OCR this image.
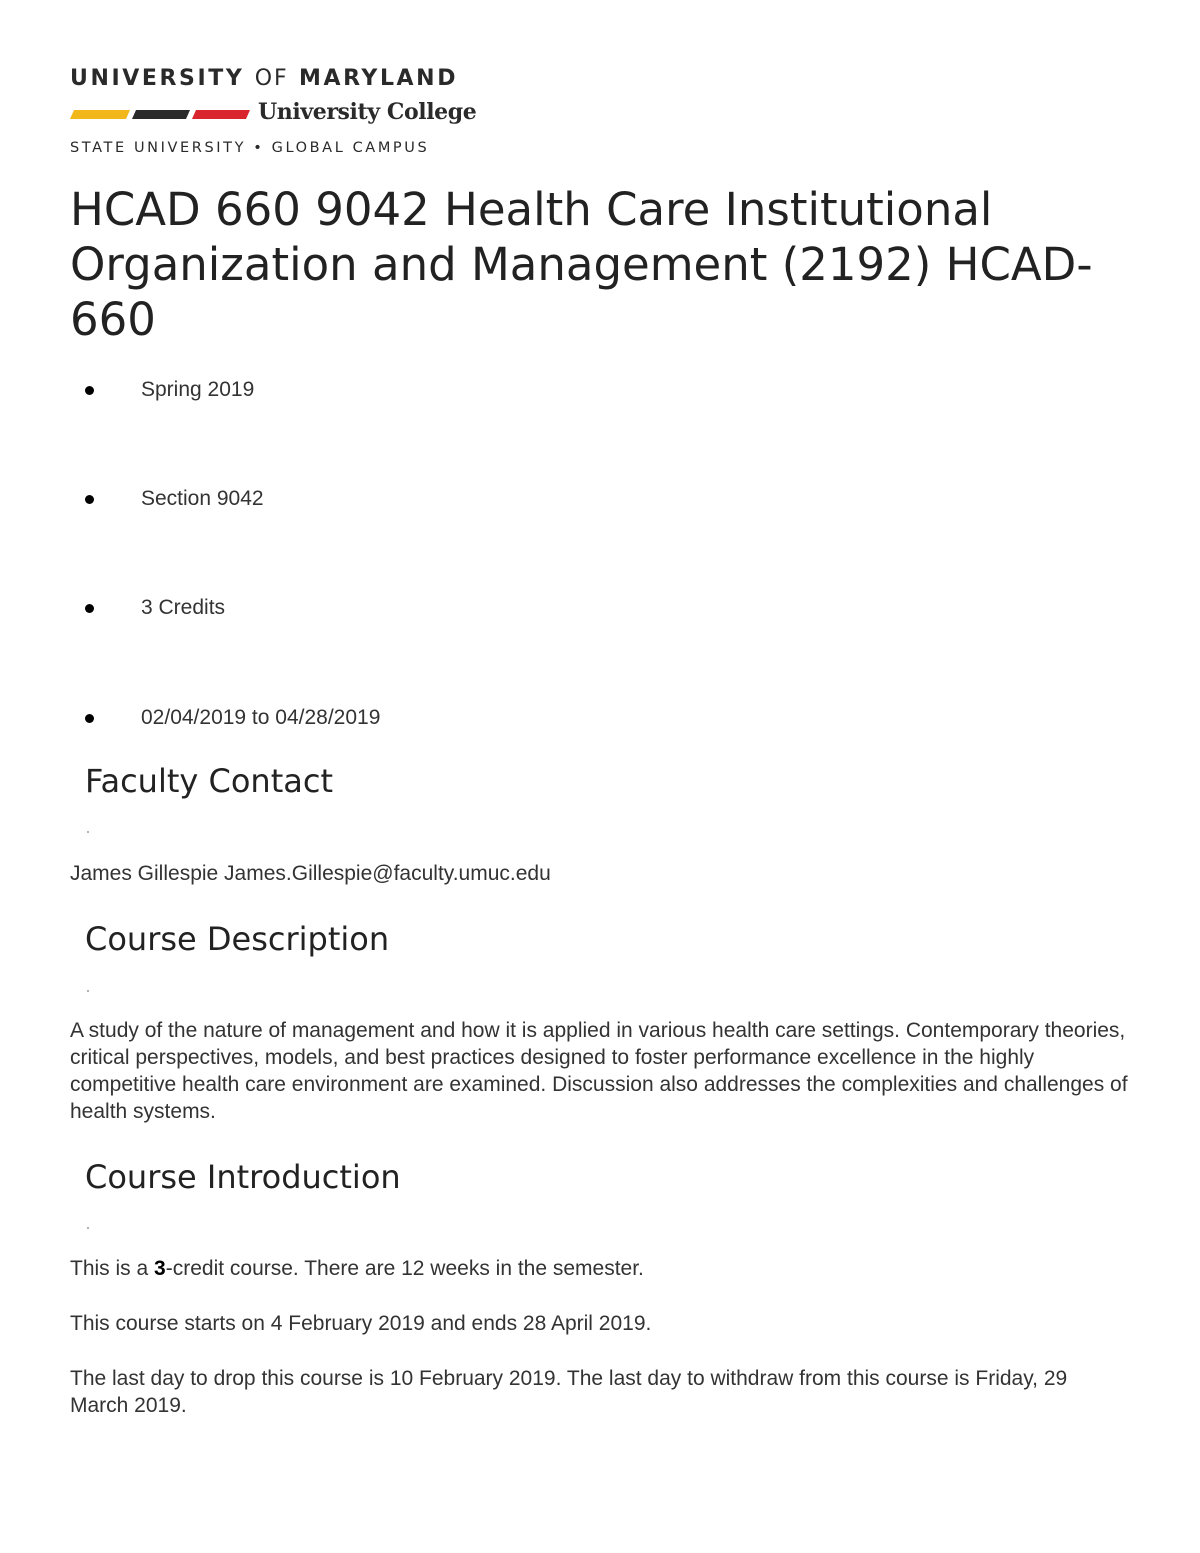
UNIVERSITY OF MARYLAND
University College
STATE UNIVERSITY • GLOBAL CAMPUS
HCAD 660 9042 Health Care Institutional Organization and Management (2192) HCAD-660
Spring 2019
Section 9042
3 Credits
02/04/2019 to 04/28/2019
Faculty Contact

James Gillespie James.Gillespie@faculty.umuc.edu

Course Description

A study of the nature of management and how it is applied in various health care settings. Contemporary theories, critical perspectives, models, and best practices designed to foster performance excellence in the highly competitive health care environment are examined. Discussion also addresses the complexities and challenges of health systems.

Course Introduction

This is a 3-credit course. There are 12 weeks in the semester.

This course starts on 4 February 2019 and ends 28 April 2019.

The last day to drop this course is 10 February 2019. The last day to withdraw from this course is Friday, 29 March 2019.
